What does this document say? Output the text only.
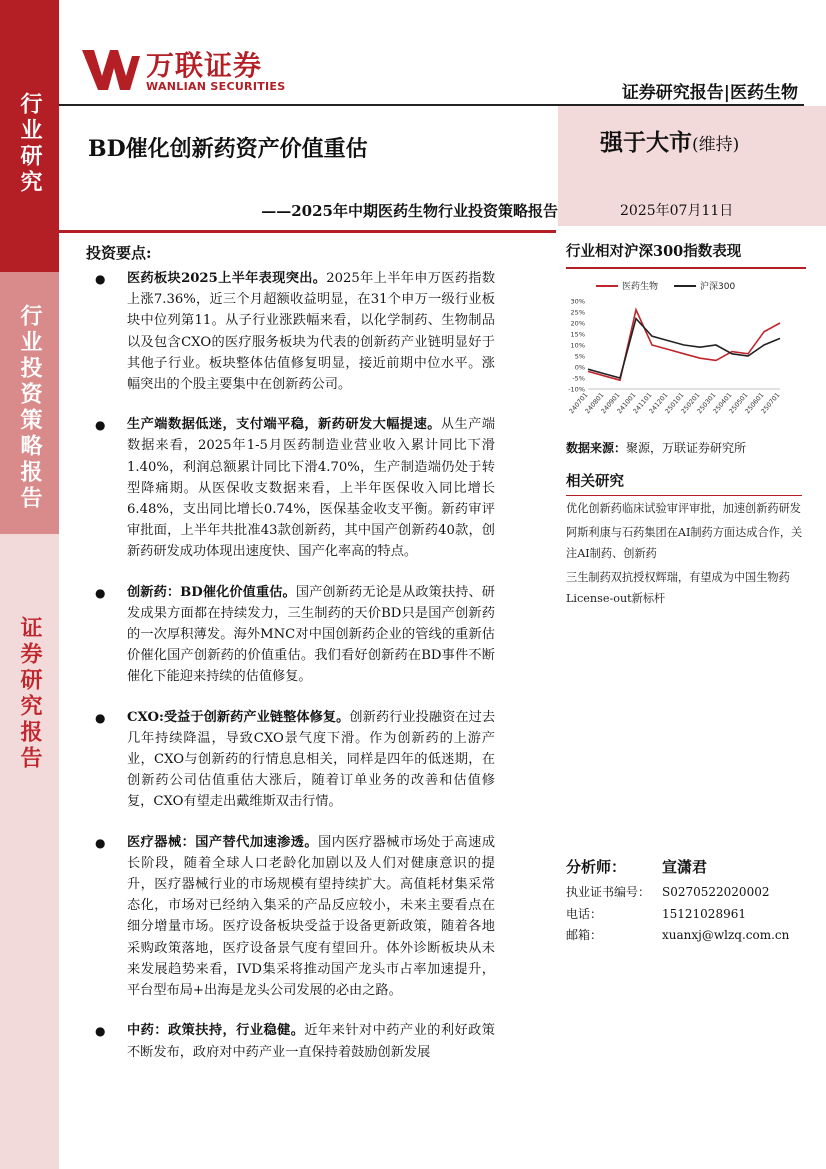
行业研究
行业投资策略报告
证券研究报告
万联证券
WANLIAN SECURITIES	证券研究报告|医药生物
强于大市(维持)
2025年07月11日
BD催化创新药资产价值重估
——2025年中期医药生物行业投资策略报告
投资要点:
● 医药板块2025上半年表现突出。2025年上半年申万医药指数上涨7.36%，近三个月超额收益明显，在31个申万一级行业板块中位列第11。从子行业涨跌幅来看，以化学制药、生物制品以及包含CXO的医疗服务板块为代表的创新药产业链明显好于其他子行业。板块整体估值修复明显，接近前期中位水平。涨幅突出的个股主要集中在创新药公司。
● 生产端数据低迷，支付端平稳，新药研发大幅提速。从生产端数据来看，2025年1-5月医药制造业营业收入累计同比下滑1.40%，利润总额累计同比下滑4.70%，生产制造端仍处于转型降痛期。从医保收支数据来看，上半年医保收入同比增长6.48%，支出同比增长0.74%，医保基金收支平衡。新药审评审批面，上半年共批准43款创新药，其中国产创新药40款，创新药研发成功体现出速度快、国产化率高的特点。
● 创新药：BD催化价值重估。国产创新药无论是从政策扶持、研发成果方面都在持续发力，三生制药的天价BD只是国产创新药的一次厚积薄发。海外MNC对中国创新药企业的管线的重新估价催化国产创新药的价值重估。我们看好创新药在BD事件不断催化下能迎来持续的估值修复。
● CXO:受益于创新药产业链整体修复。创新药行业投融资在过去几年持续降温，导致CXO景气度下滑。作为创新药的上游产业，CXO与创新药的行情息息相关，同样是四年的低迷期，在创新药公司估值重估大涨后，随着订单业务的改善和估值修复，CXO有望走出戴维斯双击行情。
● 医疗器械：国产替代加速渗透。国内医疗器械市场处于高速成长阶段，随着全球人口老龄化加剧以及人们对健康意识的提升，医疗器械行业的市场规模有望持续扩大。高值耗材集采常态化，市场对已经纳入集采的产品反应较小，未来主要看点在细分增量市场。医疗设备板块受益于设备更新政策，随着各地采购政策落地，医疗设备景气度有望回升。体外诊断板块从未来发展趋势来看，IVD集采将推动国产龙头市占率加速提升，平台型布局+出海是龙头公司发展的必由之路。
● 中药：政策扶持，行业稳健。近年来针对中药产业的利好政策不断发布，政府对中药产业一直保持着鼓励创新发展
行业相对沪深300指数表现
医药生物	沪深300
30%
25%
20%
15%
10%
5%
0%
-5%
-10%
240701
240801
240901
241001
241101
241201
250101
250201
250301
250401
250501
250601
250701
数据来源：聚源，万联证券研究所
相关研究
优化创新药临床试验审评审批，加速创新药研发
阿斯利康与石药集团在AI制药方面达成合作，关注AI制药、创新药
三生制药双抗授权辉瑞，有望成为中国生物药License-out新标杆
分析师：	宣潇君
执业证书编号： S0270522020002
电话：	15121028961
邮箱：	xuanxj@wlzq.com.cn
